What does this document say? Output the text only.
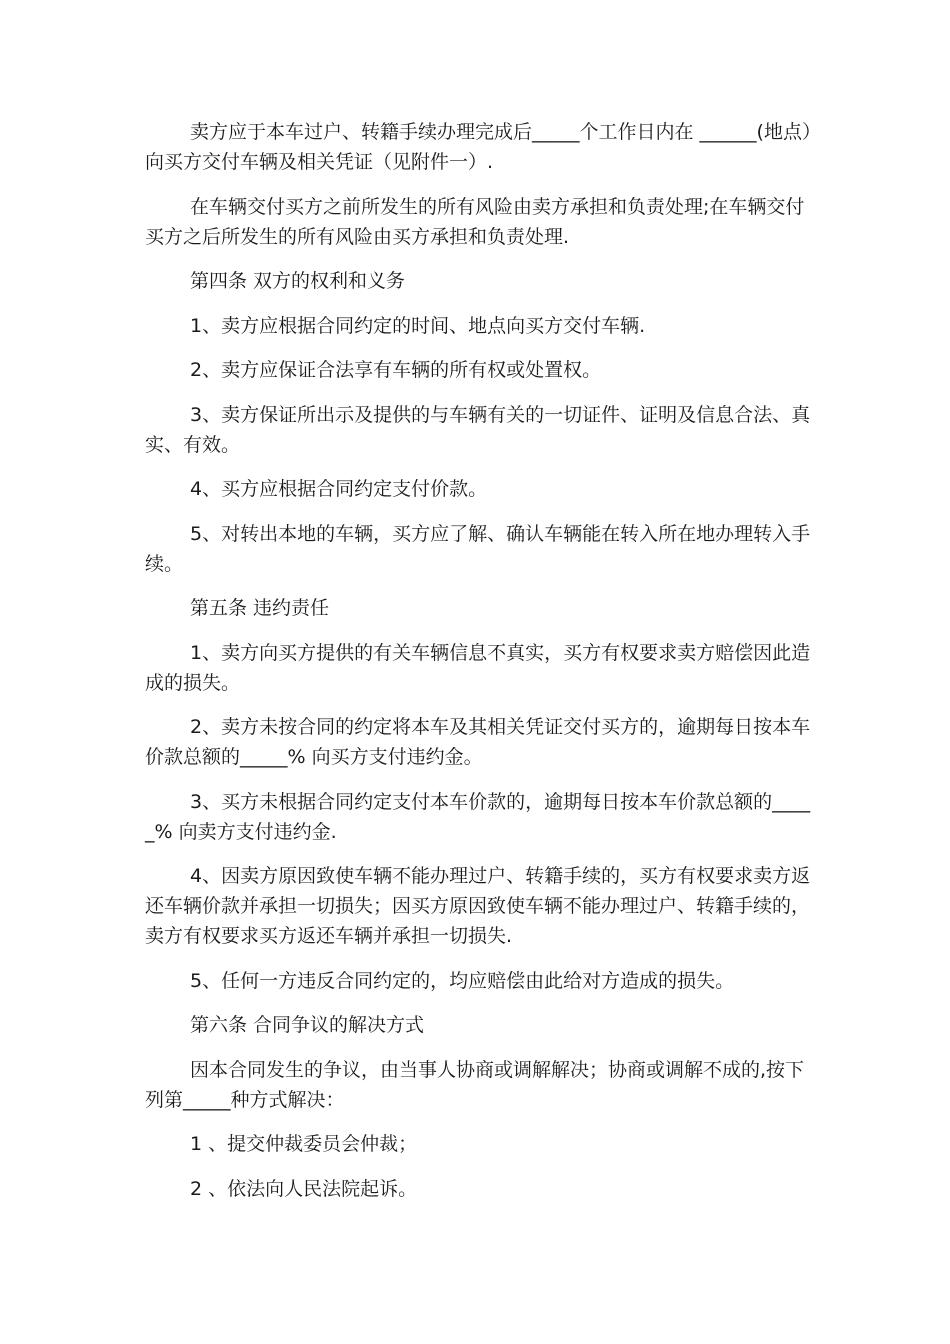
卖方应于本车过户、转籍手续办理完成后_____个工作日内在 ______(地点）向买方交付车辆及相关凭证（见附件一）.

在车辆交付买方之前所发生的所有风险由卖方承担和负责处理;在车辆交付买方之后所发生的所有风险由买方承担和负责处理.

第四条 双方的权利和义务

1、卖方应根据合同约定的时间、地点向买方交付车辆.

2、卖方应保证合法享有车辆的所有权或处置权。

3、卖方保证所出示及提供的与车辆有关的一切证件、证明及信息合法、真实、有效。

4、买方应根据合同约定支付价款。

5、对转出本地的车辆，买方应了解、确认车辆能在转入所在地办理转入手续。

第五条 违约责任

1、卖方向买方提供的有关车辆信息不真实，买方有权要求卖方赔偿因此造成的损失。

2、卖方未按合同的约定将本车及其相关凭证交付买方的，逾期每日按本车价款总额的_____% 向买方支付违约金。

3、买方未根据合同约定支付本车价款的，逾期每日按本车价款总额的_____% 向卖方支付违约金.

4、因卖方原因致使车辆不能办理过户、转籍手续的，买方有权要求卖方返还车辆价款并承担一切损失；因买方原因致使车辆不能办理过户、转籍手续的，卖方有权要求买方返还车辆并承担一切损失.

5、任何一方违反合同约定的，均应赔偿由此给对方造成的损失。

第六条 合同争议的解决方式

因本合同发生的争议，由当事人协商或调解解决；协商或调解不成的,按下列第_____种方式解决：

1 、提交仲裁委员会仲裁；

2 、依法向人民法院起诉。
